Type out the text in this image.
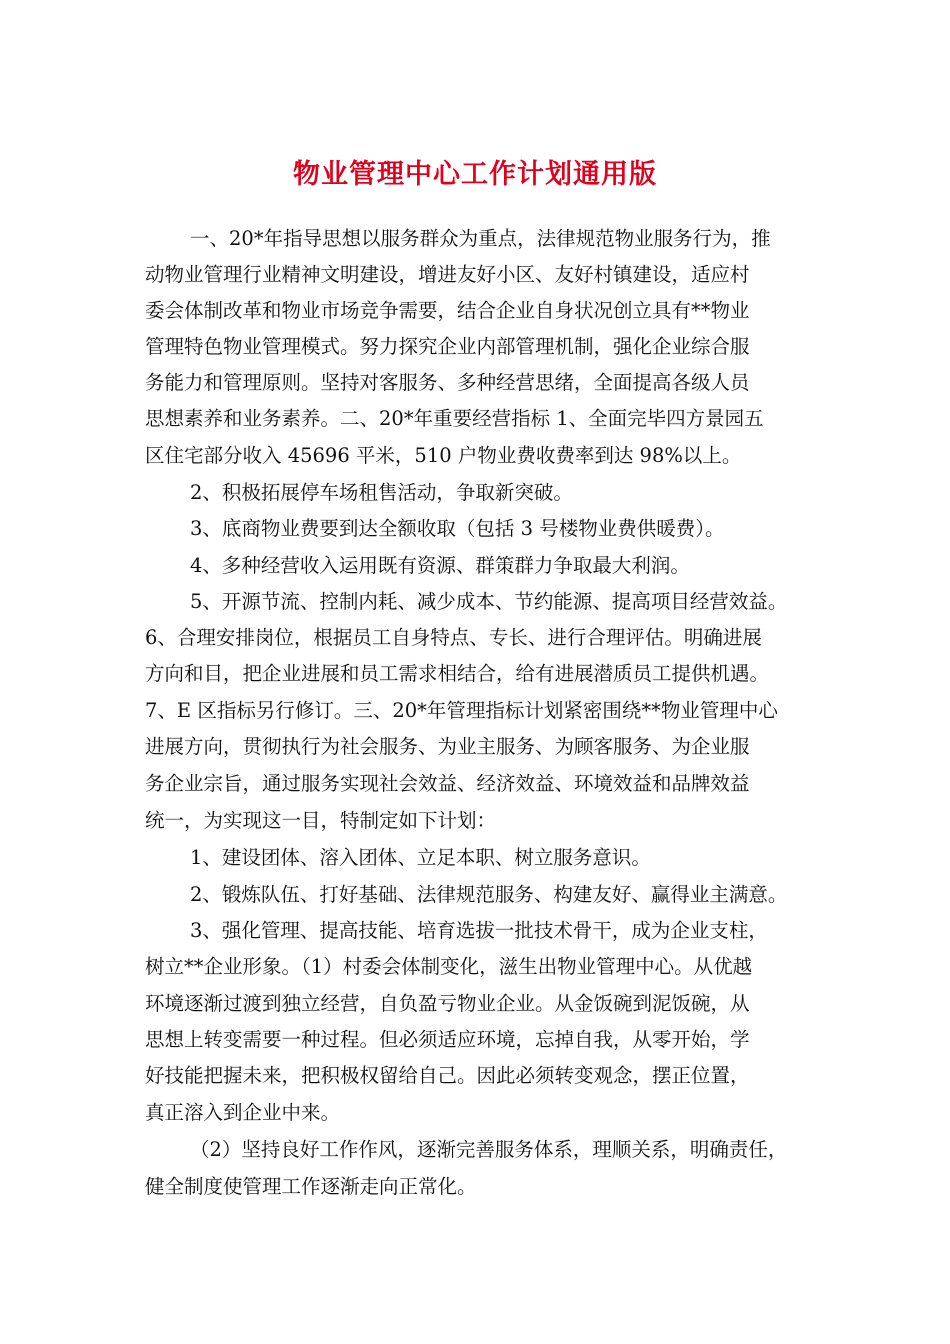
物业管理中心工作计划通用版
一、20*年指导思想以服务群众为重点，法律规范物业服务行为，推
动物业管理行业精神文明建设，增进友好小区、友好村镇建设，适应村
委会体制改革和物业市场竞争需要，结合企业自身状况创立具有**物业
管理特色物业管理模式。努力探究企业内部管理机制，强化企业综合服
务能力和管理原则。坚持对客服务、多种经营思绪，全面提高各级人员
思想素养和业务素养。二、20*年重要经营指标 1、全面完毕四方景园五
区住宅部分收入 45696 平米，510 户物业费收费率到达 98%以上。
2、积极拓展停车场租售活动，争取新突破。
3、底商物业费要到达全额收取（包括 3 号楼物业费供暖费）。
4、多种经营收入运用既有资源、群策群力争取最大利润。
5、开源节流、控制内耗、减少成本、节约能源、提高项目经营效益。
6、合理安排岗位，根据员工自身特点、专长、进行合理评估。明确进展
方向和目，把企业进展和员工需求相结合，给有进展潜质员工提供机遇。
7、E 区指标另行修订。三、20*年管理指标计划紧密围绕**物业管理中心
进展方向，贯彻执行为社会服务、为业主服务、为顾客服务、为企业服
务企业宗旨，通过服务实现社会效益、经济效益、环境效益和品牌效益
统一，为实现这一目，特制定如下计划：
1、建设团体、溶入团体、立足本职、树立服务意识。
2、锻炼队伍、打好基础、法律规范服务、构建友好、赢得业主满意。
3、强化管理、提高技能、培育选拔一批技术骨干，成为企业支柱，
树立**企业形象。（1）村委会体制变化，滋生出物业管理中心。从优越
环境逐渐过渡到独立经营，自负盈亏物业企业。从金饭碗到泥饭碗，从
思想上转变需要一种过程。但必须适应环境，忘掉自我，从零开始，学
好技能把握未来，把积极权留给自己。因此必须转变观念，摆正位置，
真正溶入到企业中来。
（2）坚持良好工作作风，逐渐完善服务体系，理顺关系，明确责任，
健全制度使管理工作逐渐走向正常化。
